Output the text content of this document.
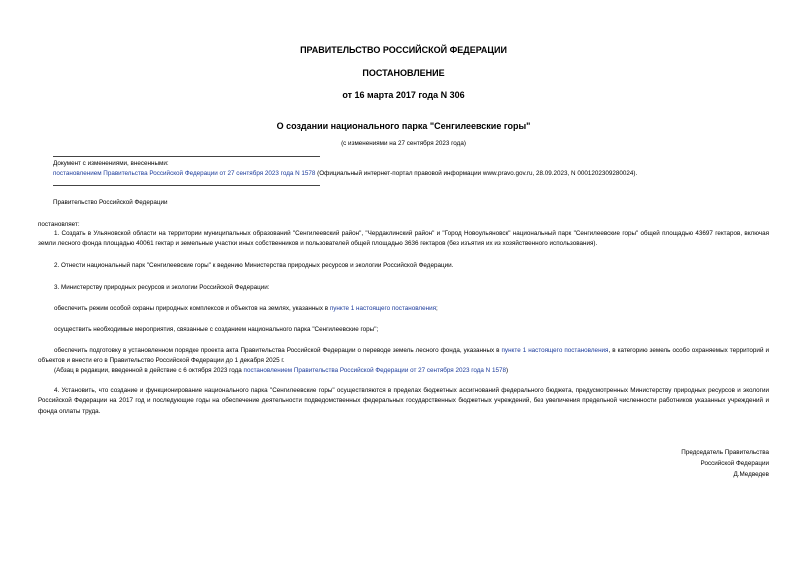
ПРАВИТЕЛЬСТВО РОССИЙСКОЙ ФЕДЕРАЦИИ
ПОСТАНОВЛЕНИЕ
от 16 марта 2017 года N 306
О создании национального парка "Сенгилеевские горы"
(с изменениями на 27 сентября 2023 года)
Документ с изменениями, внесенными:
постановлением Правительства Российской Федерации от 27 сентября 2023 года N 1578 (Официальный интернет-портал правовой информации www.pravo.gov.ru, 28.09.2023, N 0001202309280024).
Правительство Российской Федерации
постановляет:
1. Создать в Ульяновской области на территории муниципальных образований "Сенгилеевский район", "Чердаклинский район" и "Город Новоульяновск" национальный парк "Сенгилеевские горы" общей площадью 43697 гектаров, включая земли лесного фонда площадью 40061 гектар и земельные участки иных собственников и пользователей общей площадью 3636 гектаров (без изъятия их из хозяйственного использования).
2. Отнести национальный парк "Сенгилеевские горы" к ведению Министерства природных ресурсов и экологии Российской Федерации.
3. Министерству природных ресурсов и экологии Российской Федерации:
обеспечить режим особой охраны природных комплексов и объектов на землях, указанных в пункте 1 настоящего постановления;
осуществить необходимые мероприятия, связанные с созданием национального парка "Сенгилеевские горы";
обеспечить подготовку в установленном порядке проекта акта Правительства Российской Федерации о переводе земель лесного фонда, указанных в пункте 1 настоящего постановления, в категорию земель особо охраняемых территорий и объектов и внести его в Правительство Российской Федерации до 1 декабря 2025 г.
(Абзац в редакции, введенной в действие с 6 октября 2023 года постановлением Правительства Российской Федерации от 27 сентября 2023 года N 1578)
4. Установить, что создание и функционирование национального парка "Сенгилеевские горы" осуществляются в пределах бюджетных ассигнований федерального бюджета, предусмотренных Министерству природных ресурсов и экологии Российской Федерации на 2017 год и последующие годы на обеспечение деятельности подведомственных федеральных государственных бюджетных учреждений, без увеличения предельной численности работников указанных учреждений и фонда оплаты труда.
Председатель Правительства
Российской Федерации
Д.Медведев
